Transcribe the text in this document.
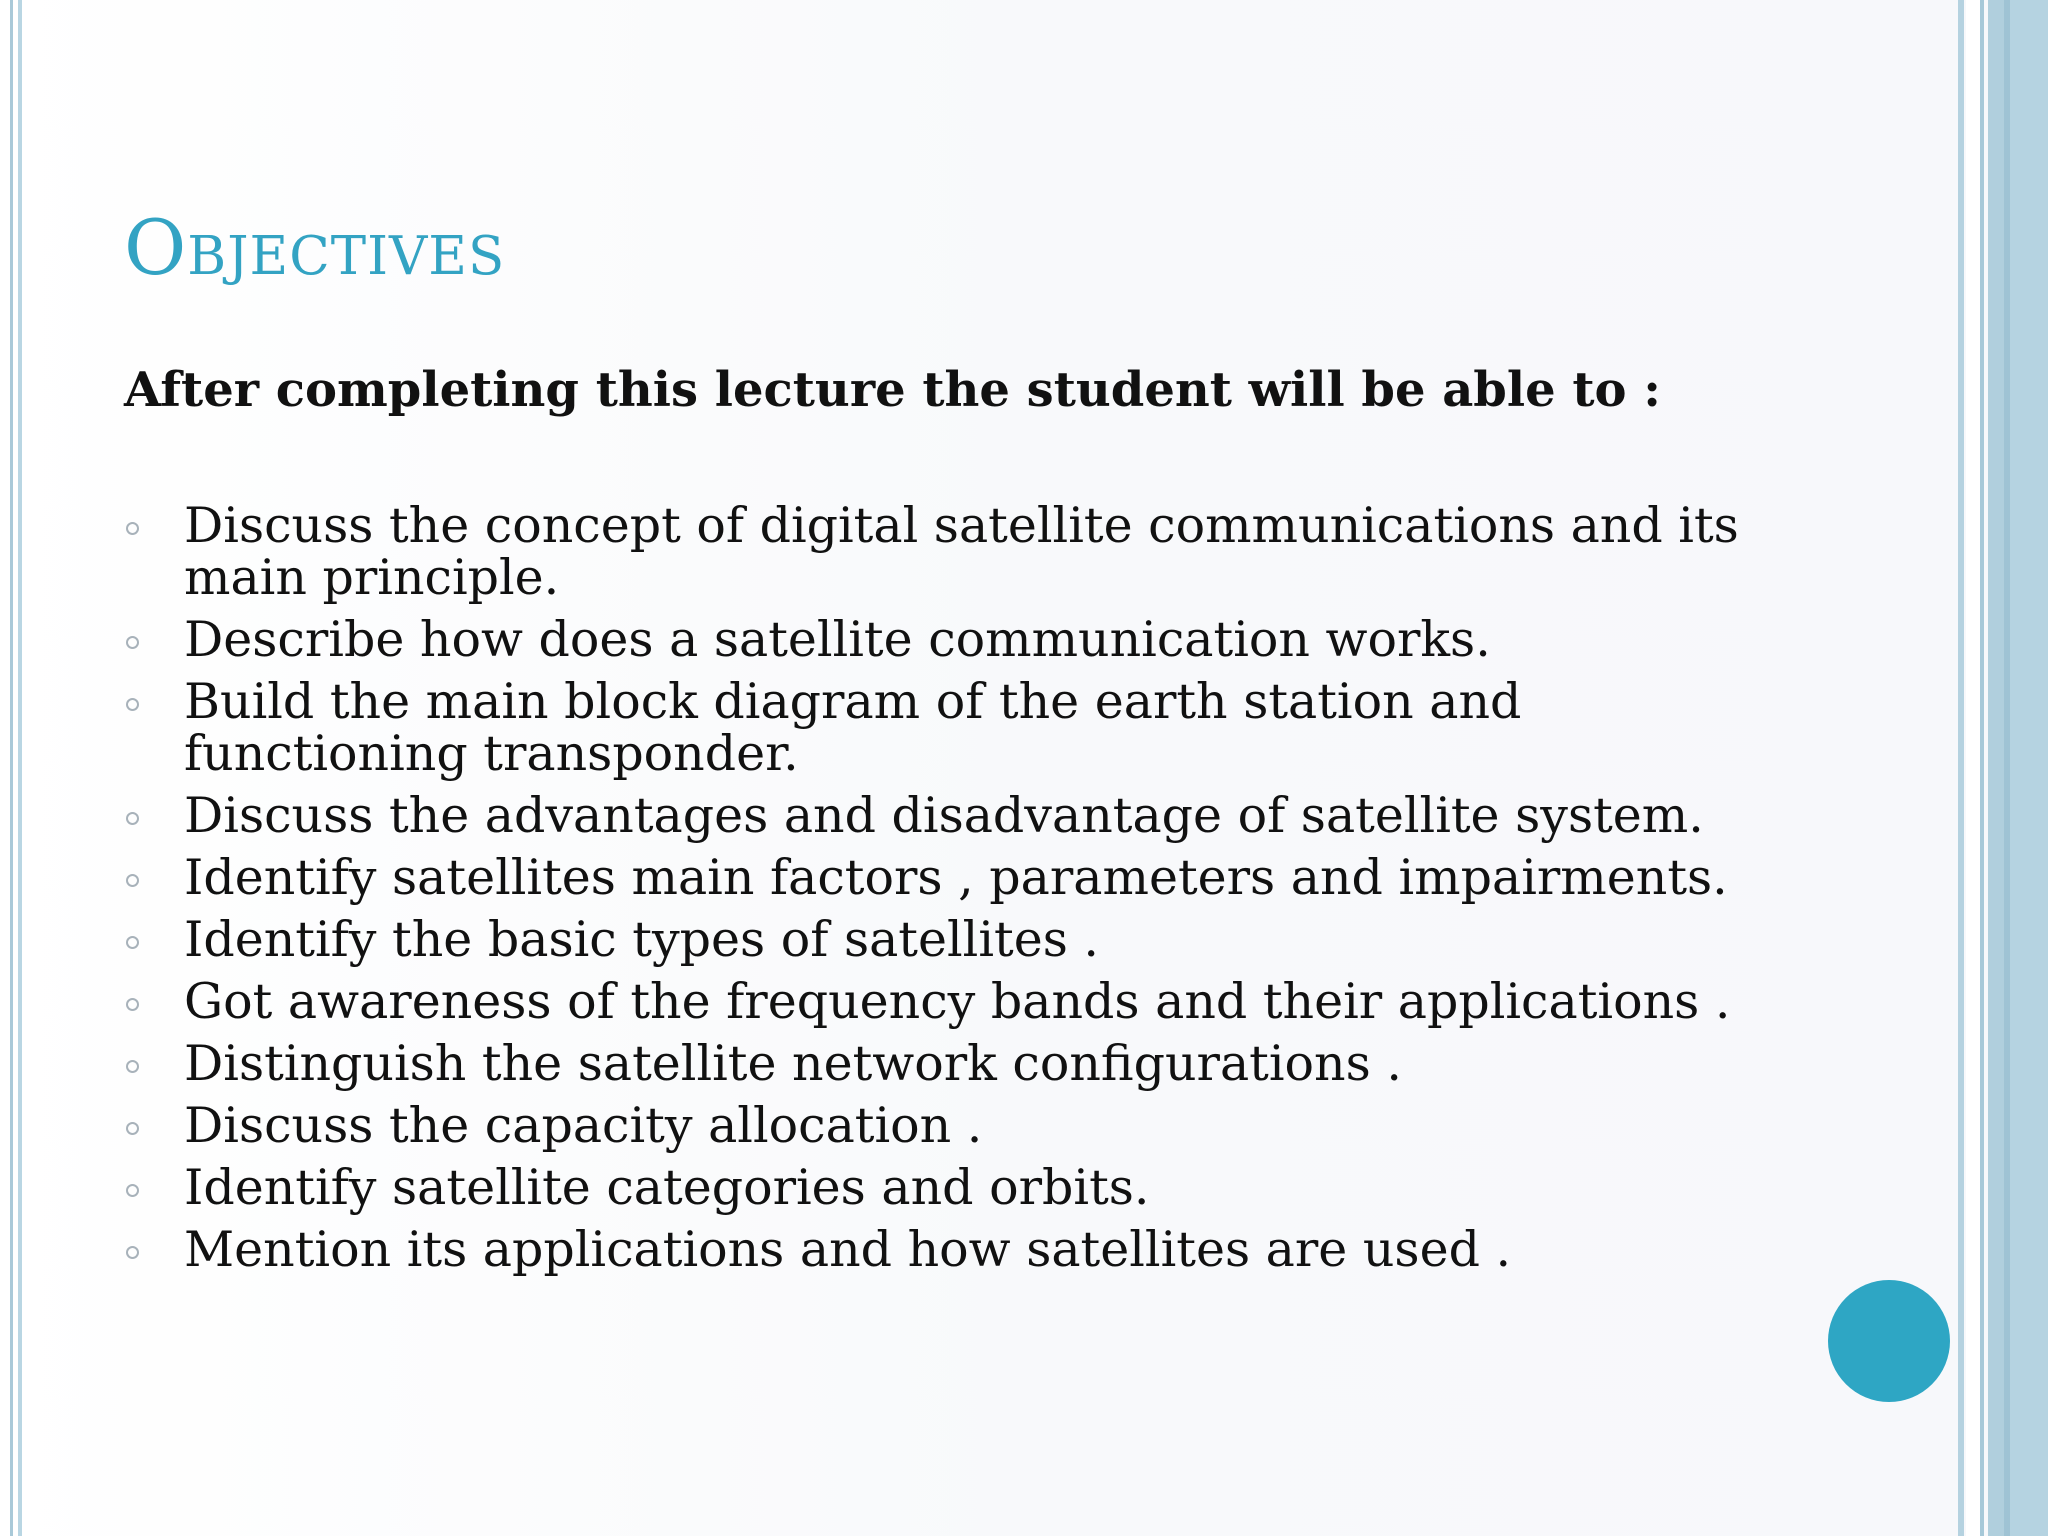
Objectives
After completing this lecture the student will be able to :
Discuss the concept of digital satellite communications and its main principle.
Describe how does a satellite communication works.
Build the main block diagram of the earth station and functioning transponder.
Discuss the advantages and disadvantage of satellite system.
Identify satellites main factors , parameters and impairments.
Identify the basic types of satellites .
Got awareness of the frequency bands and their applications .
Distinguish the satellite network configurations .
Discuss the capacity allocation .
Identify satellite categories and orbits.
Mention its applications and how satellites are used .
